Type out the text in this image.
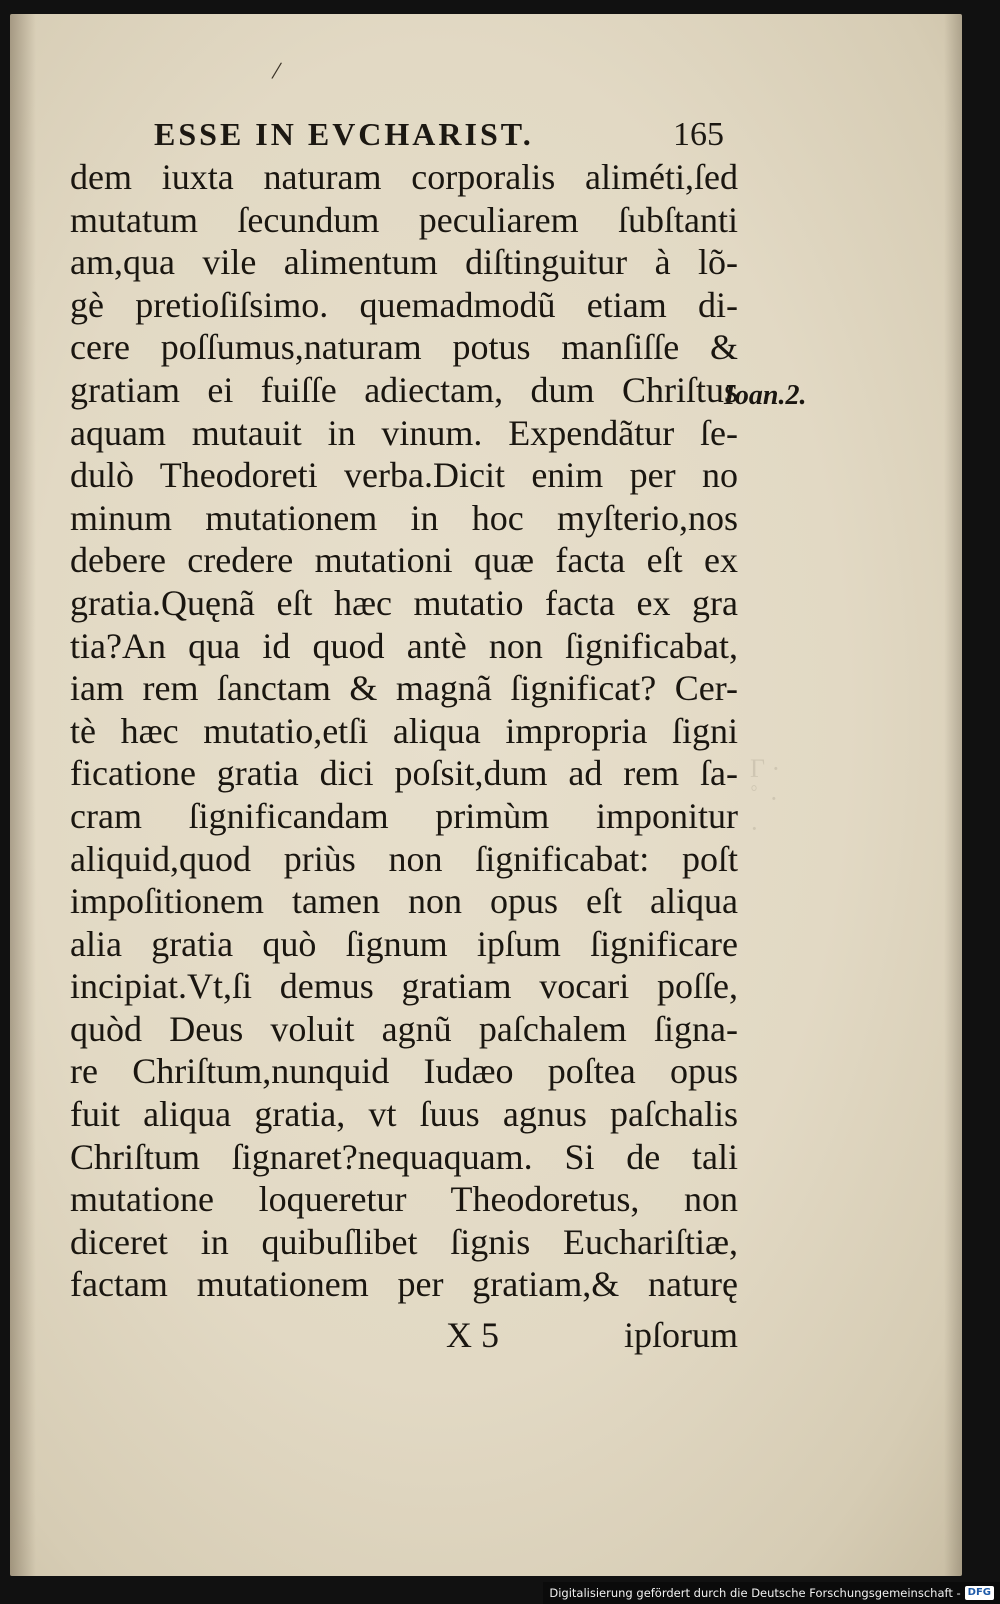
Γ ·
ﾟ ·
·
/
ESSE IN EVCHARIST.	165
dem iuxta naturam corporalis aliméti,ſed
mutatum ſecundum peculiarem ſubſtanti
am,qua vile alimentum diſtinguitur à lõ-
gè pretioſiſsimo. quemadmodũ etiam di-
cere poſſumus,naturam potus manſiſſe &
gratiam ei fuiſſe adiectam, dum Chriſtus
aquam mutauit in vinum. Expendãtur ſe-
dulò Theodoreti verba.Dicit enim per no
minum mutationem in hoc myſterio,nos
debere credere mutationi quæ facta eſt ex
gratia.Quęnã eſt hæc mutatio facta ex gra
tia?An qua id quod antè non ſignificabat,
iam rem ſanctam & magnã ſignificat? Cer-
tè hæc mutatio,etſi aliqua impropria ſigni
ficatione gratia dici poſsit,dum ad rem ſa-
cram ſignificandam primùm imponitur
aliquid,quod priùs non ſignificabat: poſt
impoſitionem tamen non opus eſt aliqua
alia gratia quò ſignum ipſum ſignificare
incipiat.Vt,ſi demus gratiam vocari poſſe,
quòd Deus voluit agnũ paſchalem ſigna-
re Chriſtum,nunquid Iudæo poſtea opus
fuit aliqua gratia, vt ſuus agnus paſchalis
Chriſtum ſignaret?nequaquam. Si de tali
mutatione loqueretur Theodoretus, non
diceret in quibuſlibet ſignis Euchariſtiæ,
factam mutationem per gratiam,& naturę
Ioan.2.
X 5	ipſorum
Digitalisierung gefördert durch die Deutsche Forschungsgemeinschaft - DFG
